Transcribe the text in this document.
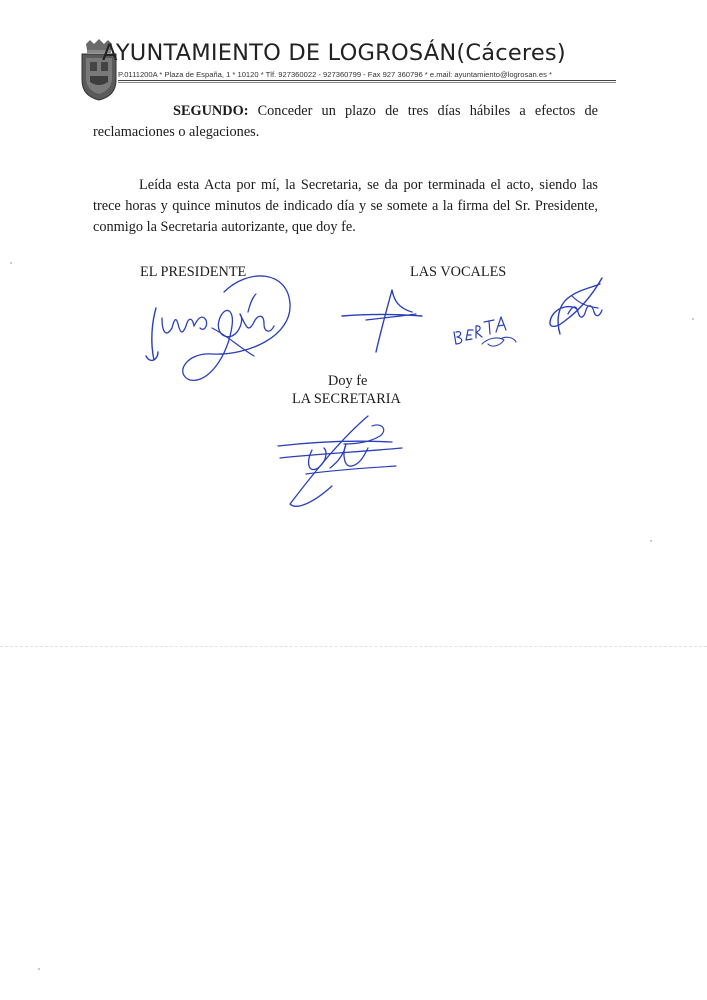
AYUNTAMIENTO DE LOGROSÁN(Cáceres)
P.0111200A * Plaza de España, 1 * 10120 * Tlf. 927360022 - 927360799 - Fax 927 360796 * e.mail: ayuntamiento@logrosan.es *
SEGUNDO: Conceder un plazo de tres días hábiles a efectos de reclamaciones o alegaciones.
Leída esta Acta por mí, la Secretaria, se da por terminada el acto, siendo las trece horas y quince minutos de indicado día y se somete a la firma del Sr. Presidente, conmigo la Secretaria autorizante, que doy fe.
EL PRESIDENTE	LAS VOCALES
Doy fe
LA SECRETARIA
